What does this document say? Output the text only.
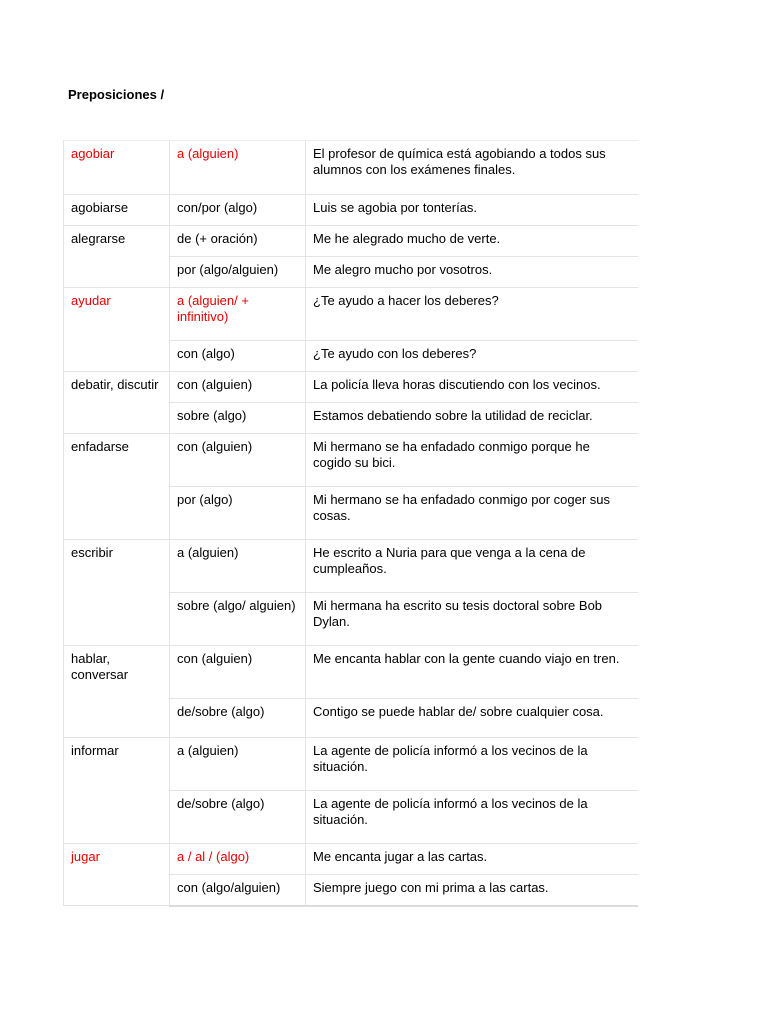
Preposiciones /
agobiar	a (alguien)	El profesor de química está agobiando a todos sus alumnos con los exámenes finales.
agobiarse	con/por (algo)	Luis se agobia por tonterías.
alegrarse	de (+ oración)	Me he alegrado mucho de verte.
	por (algo/alguien)	Me alegro mucho por vosotros.
ayudar	a (alguien/ + infinitivo)	¿Te ayudo a hacer los deberes?
	con (algo)	¿Te ayudo con los deberes?
debatir, discutir	con (alguien)	La policía lleva horas discutiendo con los vecinos.
	sobre (algo)	Estamos debatiendo sobre la utilidad de reciclar.
enfadarse	con (alguien)	Mi hermano se ha enfadado conmigo porque he cogido su bici.
	por (algo)	Mi hermano se ha enfadado conmigo por coger sus cosas.
escribir	a (alguien)	He escrito a Nuria para que venga a la cena de cumpleaños.
	sobre (algo/ alguien)	Mi hermana ha escrito su tesis doctoral sobre Bob Dylan.
hablar, conversar	con (alguien)	Me encanta hablar con la gente cuando viajo en tren.
	de/sobre (algo)	Contigo se puede hablar de/ sobre cualquier cosa.
informar	a (alguien)	La agente de policía informó a los vecinos de la situación.
	de/sobre (algo)	La agente de policía informó a los vecinos de la situación.
jugar	a / al / (algo)	Me encanta jugar a las cartas.
	con (algo/alguien)	Siempre juego con mi prima a las cartas.
